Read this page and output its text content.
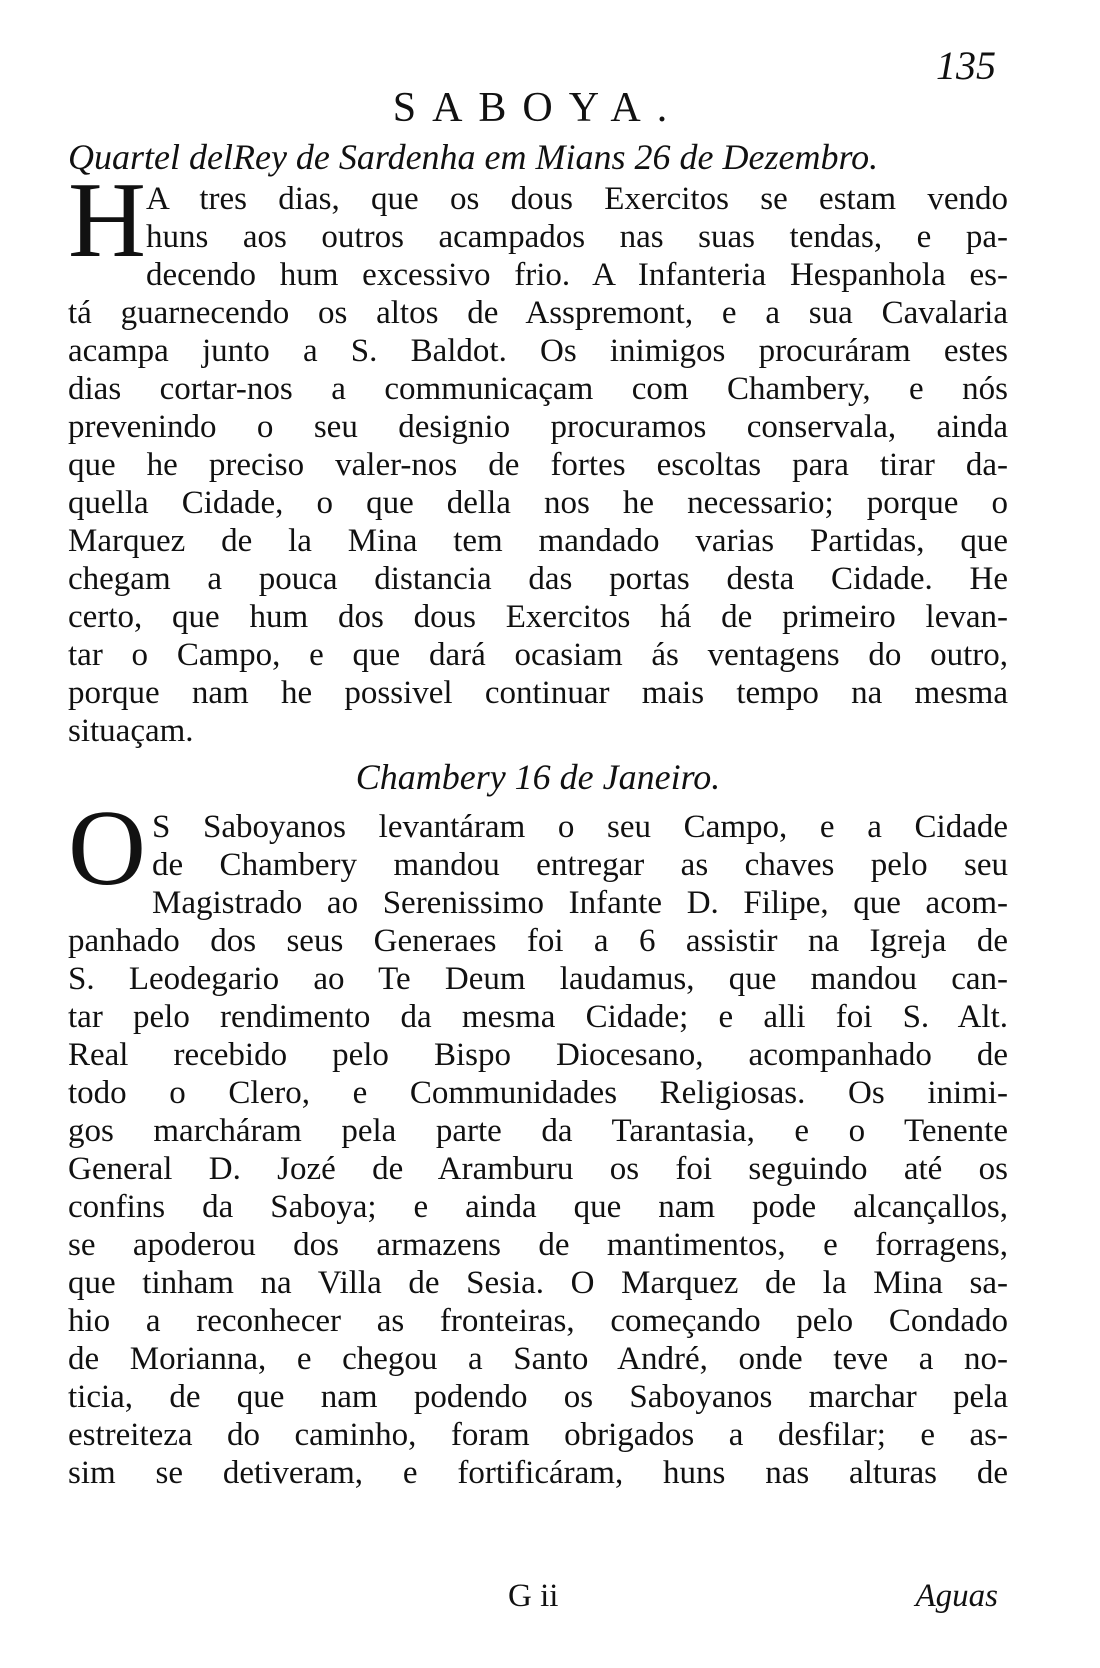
135
SABOYA.
Quartel delRey de Sardenha em Mians 26 de Dezembro.
H A tres dias, que os dous Exercitos se estam vendo
huns aos outros acampados nas suas tendas, e pa-
decendo hum excessivo frio. A Infanteria Hespanhola es-
tá guarnecendo os altos de Asspremont, e a sua Cavalaria
acampa junto a S. Baldot. Os inimigos procuráram estes
dias cortar-nos a communicaçam com Chambery, e nós
prevenindo o seu designio procuramos conservala, ainda
que he preciso valer-nos de fortes escoltas para tirar da-
quella Cidade, o que della nos he necessario; porque o
Marquez de la Mina tem mandado varias Partidas, que
chegam a pouca distancia das portas desta Cidade. He
certo, que hum dos dous Exercitos há de primeiro levan-
tar o Campo, e que dará ocasiam ás ventagens do outro,
porque nam he possivel continuar mais tempo na mesma
situaçam.
Chambery 16 de Janeiro.
O S Saboyanos levantáram o seu Campo, e a Cidade
de Chambery mandou entregar as chaves pelo seu
Magistrado ao Serenissimo Infante D. Filipe, que acom-
panhado dos seus Generaes foi a 6 assistir na Igreja de
S. Leodegario ao Te Deum laudamus, que mandou can-
tar pelo rendimento da mesma Cidade; e alli foi S. Alt.
Real recebido pelo Bispo Diocesano, acompanhado de
todo o Clero, e Communidades Religiosas. Os inimi-
gos marcháram pela parte da Tarantasia, e o Tenente
General D. Jozé de Aramburu os foi seguindo até os
confins da Saboya; e ainda que nam pode alcançallos,
se apoderou dos armazens de mantimentos, e forragens,
que tinham na Villa de Sesia. O Marquez de la Mina sa-
hio a reconhecer as fronteiras, começando pelo Condado
de Morianna, e chegou a Santo André, onde teve a no-
ticia, de que nam podendo os Saboyanos marchar pela
estreiteza do caminho, foram obrigados a desfilar; e as-
sim se detiveram, e fortificáram, huns nas alturas de
G ii	Aguas
